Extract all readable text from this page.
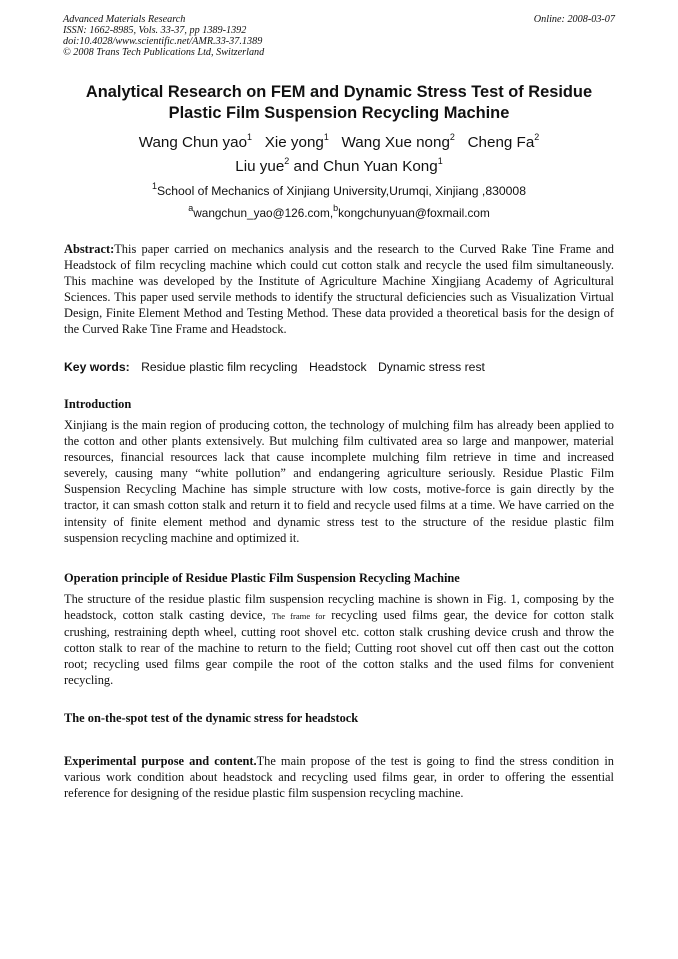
Advanced Materials Research
ISSN: 1662-8985, Vols. 33-37, pp 1389-1392
doi:10.4028/www.scientific.net/AMR.33-37.1389
© 2008 Trans Tech Publications Ltd, Switzerland
Online: 2008-03-07
Analytical Research on FEM and Dynamic Stress Test of Residue
Plastic Film Suspension Recycling Machine
Wang Chun yao$^1$ Xie yong$^1$ Wang Xue nong$^2$ Cheng Fa$^2$
Liu yue$^2$ and Chun Yuan Kong$^1$
$^1$School of Mechanics of Xinjiang University,Urumqi, Xinjiang ,830008
$^a$wangchun_yao@126.com,$^b$kongchunyuan@foxmail.com
Abstract:This paper carried on mechanics analysis and the research to the Curved Rake Tine Frame and Headstock of film recycling machine which could cut cotton stalk and recycle the used film simultaneously. This machine was developed by the Institute of Agriculture Machine Xingjiang Academy of Agricultural Sciences. This paper used servile methods to identify the structural deficiencies such as Visualization Virtual Design, Finite Element Method and Testing Method. These data provided a theoretical basis for the design of the Curved Rake Tine Frame and Headstock.
Key words: Residue plastic film recycling Headstock Dynamic stress rest
Introduction
Xinjiang is the main region of producing cotton, the technology of mulching film has already been applied to the cotton and other plants extensively. But mulching film cultivated area so large and manpower, material resources, financial resources lack that cause incomplete mulching film retrieve in time and increased severely, causing many “white pollution” and endangering agriculture seriously. Residue Plastic Film Suspension Recycling Machine has simple structure with low costs, motive-force is gain directly by the tractor, it can smash cotton stalk and return it to field and recycle used films at a time. We have carried on the intensity of finite element method and dynamic stress test to the structure of the residue plastic film suspension recycling machine and optimized it.
Operation principle of Residue Plastic Film Suspension Recycling Machine
The structure of the residue plastic film suspension recycling machine is shown in Fig. 1, composing by the headstock, cotton stalk casting device, The frame for recycling used films gear, the device for cotton stalk crushing, restraining depth wheel, cutting root shovel etc. cotton stalk crushing device crush and throw the cotton stalk to rear of the machine to return to the field; Cutting root shovel cut off then cast out the cotton root; recycling used films gear compile the root of the cotton stalks and the used films for convenient recycling.
The on-the-spot test of the dynamic stress for headstock
Experimental purpose and content.The main propose of the test is going to find the stress condition in various work condition about headstock and recycling used films gear, in order to offering the essential reference for designing of the residue plastic film suspension recycling machine.
